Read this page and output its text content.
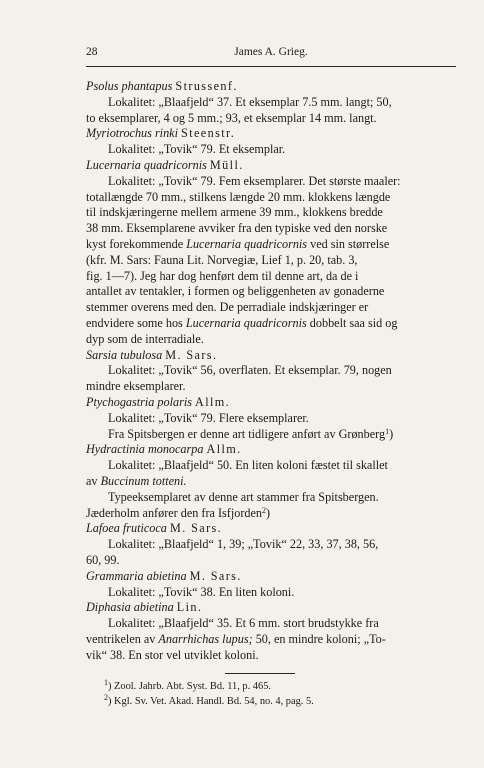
28	James A. Grieg.

Psolus phantapus Strussenf.

Lokalitet: „Blaafjeld“ 37. Et eksemplar 7.5 mm. langt; 50,

to eksemplarer, 4 og 5 mm.; 93, et eksemplar 14 mm. langt.

Myriotrochus rinki Steenstr.

Lokalitet: „Tovik“ 79. Et eksemplar.

Lucernaria quadricornis Müll.

Lokalitet: „Tovik“ 79. Fem eksemplarer. Det største maaler:

totallængde 70 mm., stilkens længde 20 mm. klokkens længde

til indskjæringerne mellem armene 39 mm., klokkens bredde

38 mm. Eksemplarene avviker fra den typiske ved den norske

kyst forekommende Lucernaria quadricornis ved sin størrelse

(kfr. M. Sars: Fauna Lit. Norvegiæ, Lief 1, p. 20, tab. 3,

fig. 1—7). Jeg har dog henført dem til denne art, da de i

antallet av tentakler, i formen og beliggenheten av gonaderne

stemmer overens med den. De perradiale indskjæringer er

endvidere some hos Lucernaria quadricornis dobbelt saa sid og

dyp som de interradiale.

Sarsia tubulosa M. Sars.

Lokalitet: „Tovik“ 56, overflaten. Et eksemplar. 79, nogen

mindre eksemplarer.

Ptychogastria polaris Allm.

Lokalitet: „Tovik“ 79. Flere eksemplarer.

Fra Spitsbergen er denne art tidligere anført av Grønberg$^1$)

Hydractinia monocarpa Allm.

Lokalitet: „Blaafjeld“ 50. En liten koloni fæstet til skallet

av Buccinum totteni.

Typeeksemplaret av denne art stammer fra Spitsbergen.

Jæderholm anfører den fra Isfjorden$^2$)

Lafoea fruticoca M. Sars.

Lokalitet: „Blaafjeld“ 1, 39; „Tovik“ 22, 33, 37, 38, 56,

60, 99.

Grammaria abietina M. Sars.

Lokalitet: „Tovik“ 38. En liten koloni.

Diphasia abietina Lin.

Lokalitet: „Blaafjeld“ 35. Et 6 mm. stort brudstykke fra

ventrikelen av Anarrhichas lupus; 50, en mindre koloni; „To-

vik“ 38. En stor vel utviklet koloni.

$^1$) Zool. Jahrb. Abt. Syst. Bd. 11, p. 465.

$^2$) Kgl. Sv. Vet. Akad. Handl. Bd. 54, no. 4, pag. 5.
